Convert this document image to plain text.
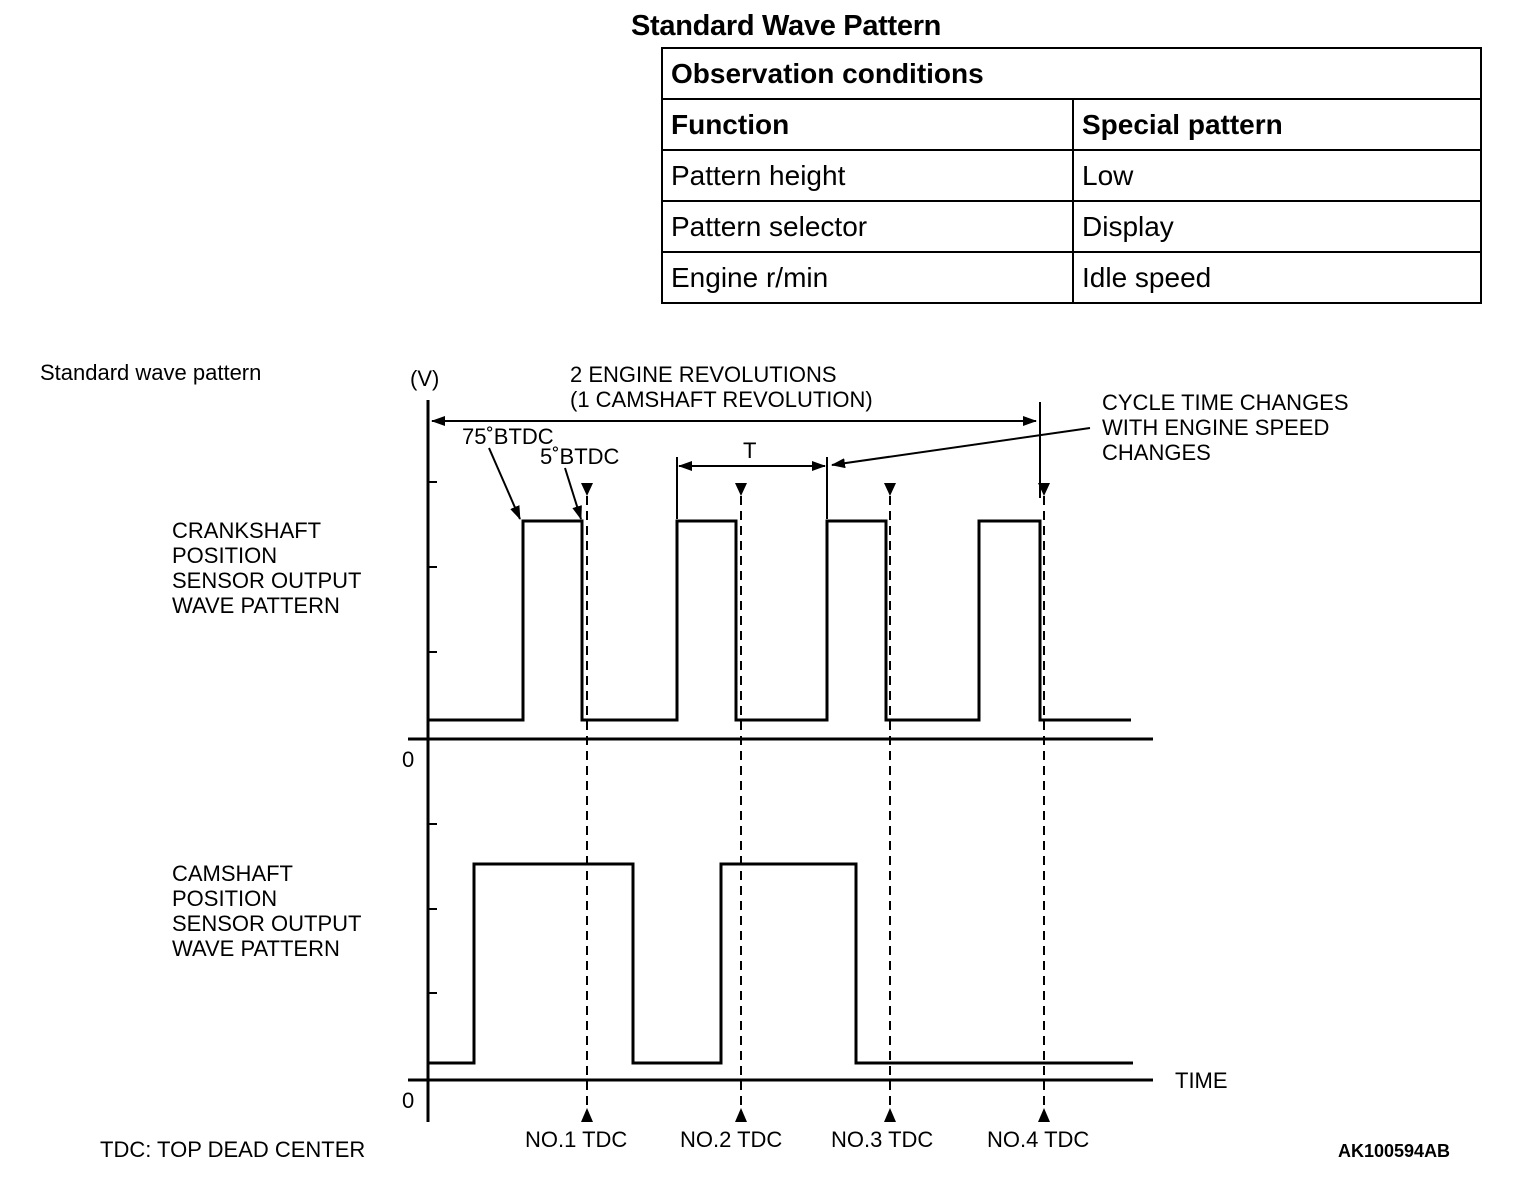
Standard Wave Pattern
Observation conditions	
Function	Special pattern
Pattern height	Low
Pattern selector	Display
Engine r/min	Idle speed
Standard wave pattern	(V)	2 ENGINE REVOLUTIONS
(1 CAMSHAFT REVOLUTION)
75˚BTDC
5˚BTDC	T
CYCLE TIME CHANGES WITH ENGINE SPEED CHANGES
CRANKSHAFT POSITION SENSOR OUTPUT WAVE PATTERN
CAMSHAFT POSITION SENSOR OUTPUT WAVE PATTERN
0
0
TIME
NO.1 TDC NO.2 TDC NO.3 TDC NO.4 TDC
TDC: TOP DEAD CENTER	AK100594AB
